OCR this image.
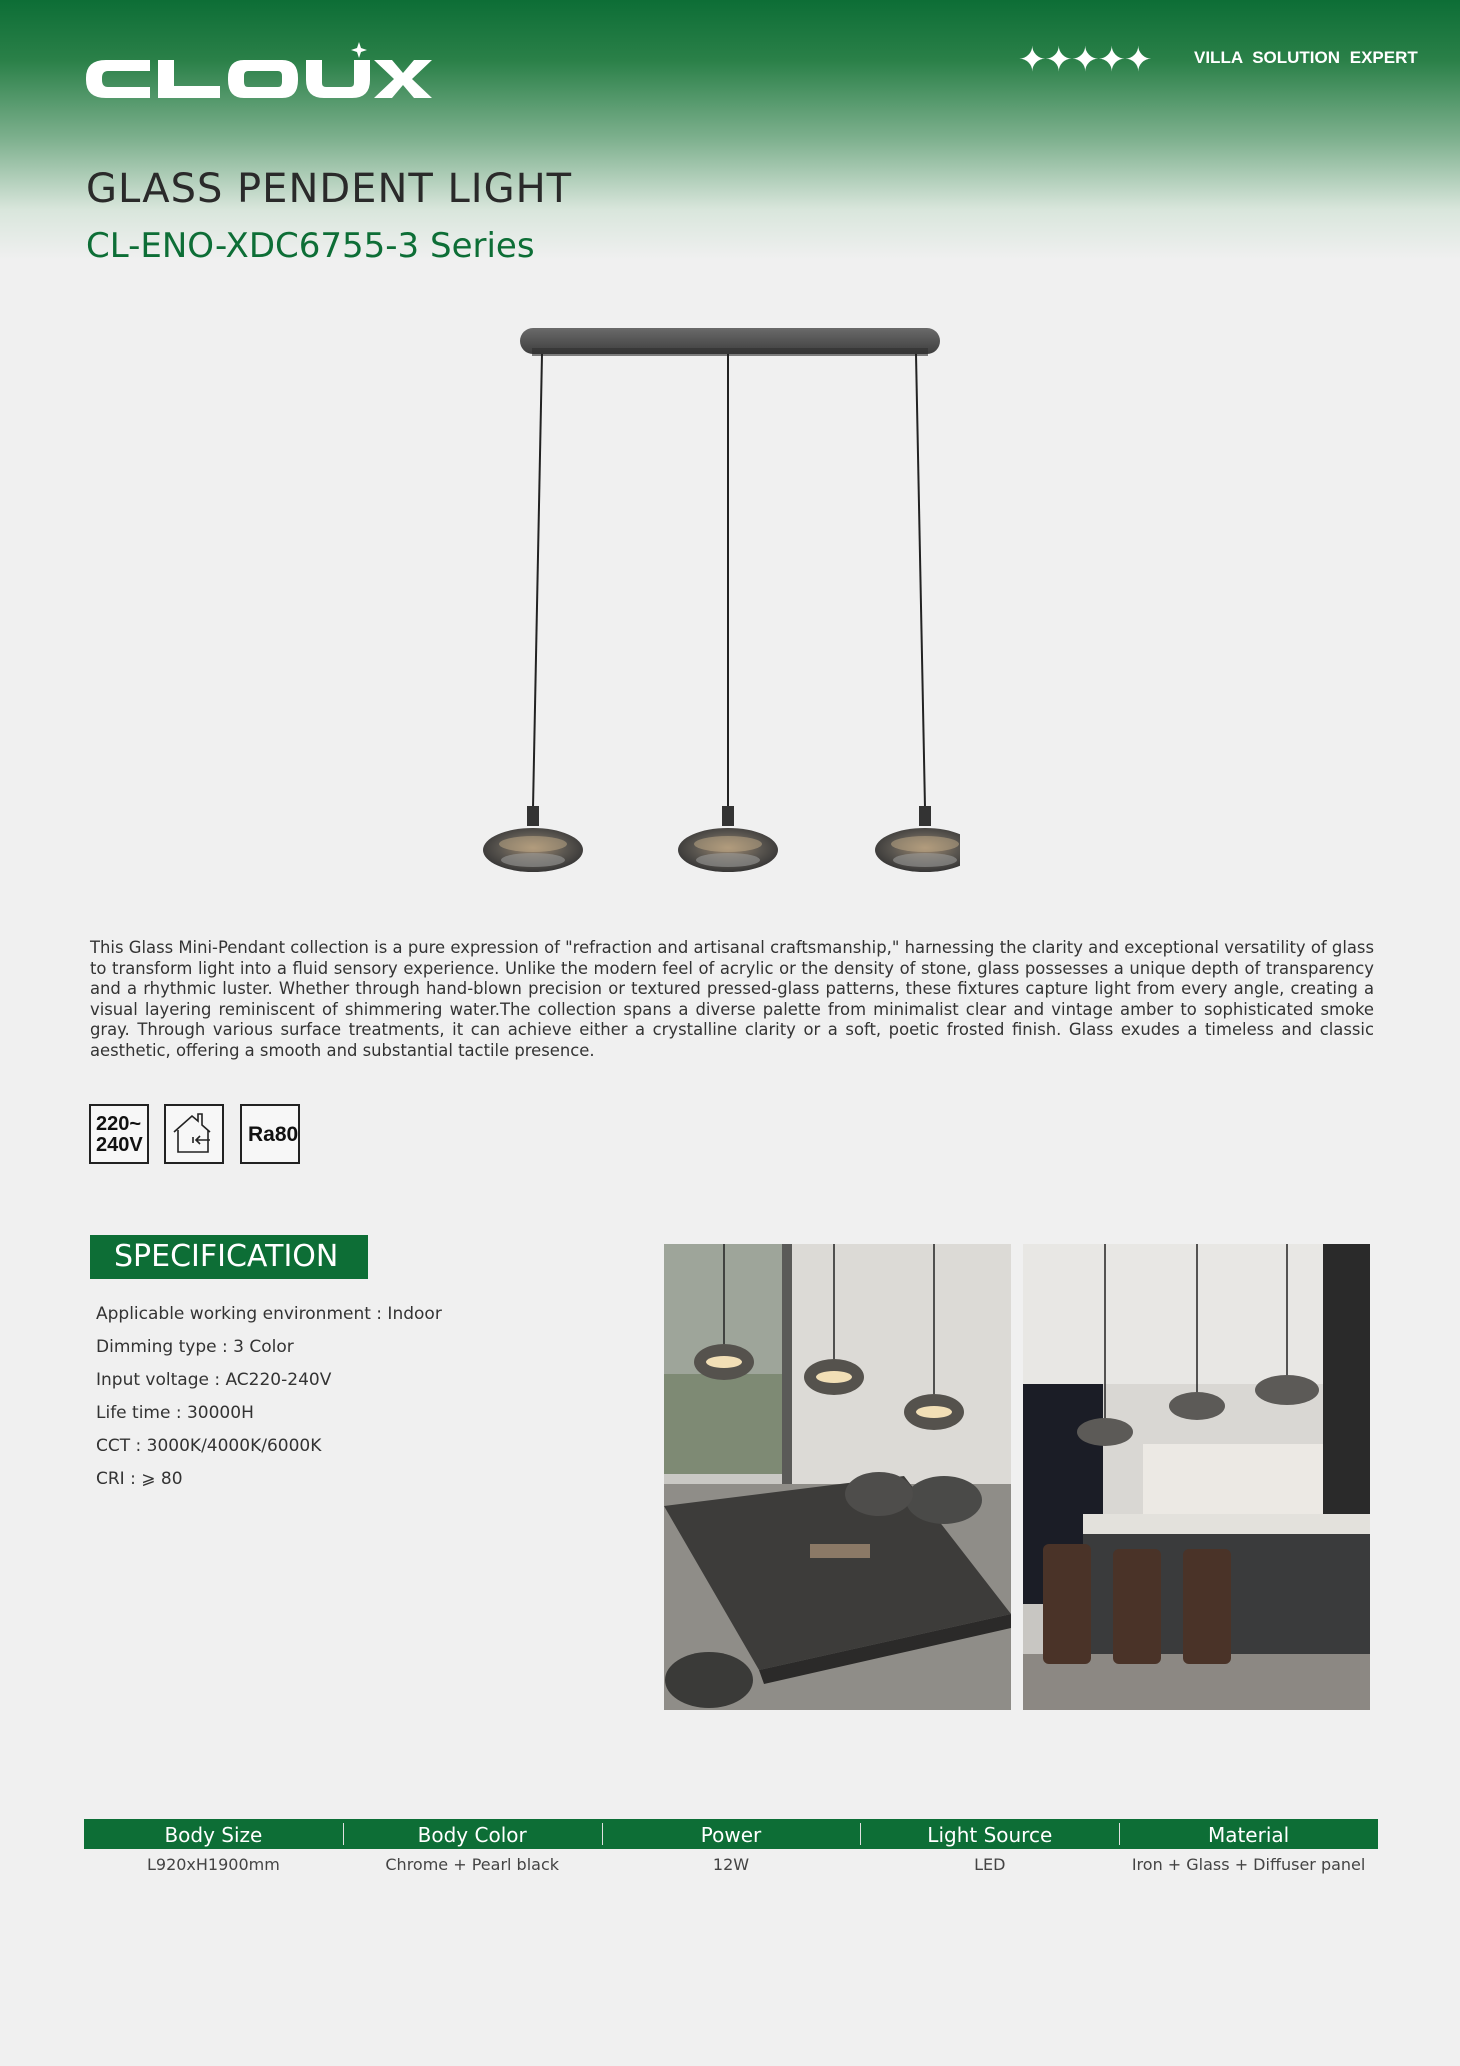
✦✦✦✦✦	VILLA SOLUTION EXPERT
GLASS PENDENT LIGHT
CL-ENO-XDC6755-3 Series

This Glass Mini-Pendant collection is a pure expression of "refraction and artisanal craftsmanship," harnessing the clarity and exceptional versatility of glass to transform light into a fluid sensory experience. Unlike the modern feel of acrylic or the density of stone, glass possesses a unique depth of transparency and a rhythmic luster. Whether through hand-blown precision or textured pressed-glass patterns, these fixtures capture light from every angle, creating a visual layering reminiscent of shimmering water.The collection spans a diverse palette from minimalist clear and vintage amber to sophisticated smoke gray. Through various surface treatments, it can achieve either a crystalline clarity or a soft, poetic frosted finish. Glass exudes a timeless and classic aesthetic, offering a smooth and substantial tactile presence.

220~
240V	Ra80
SPECIFICATION
Applicable working environment : Indoor
Dimming type : 3 Color
Input voltage : AC220-240V
Life time : 30000H
CCT : 3000K/4000K/6000K
CRI : ⩾ 80
Body Size	Body Color	Power	Light Source	Material
L920xH1900mm	Chrome + Pearl black	12W	LED	Iron + Glass + Diffuser panel
